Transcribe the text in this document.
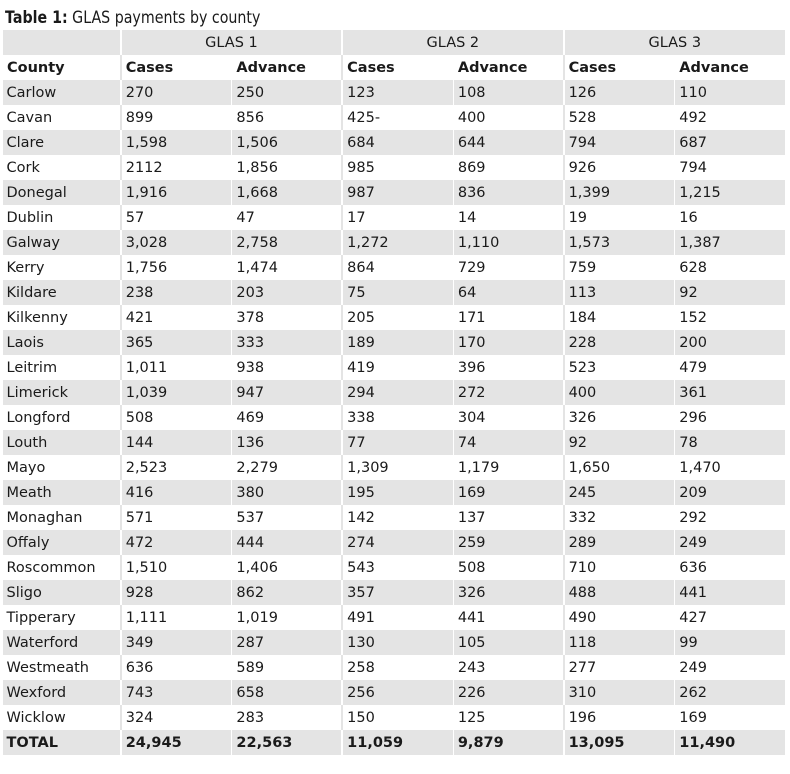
Table 1: GLAS payments by county
	GLAS 1		GLAS 2		GLAS 3	
County	Cases	Advance	Cases	Advance	Cases	Advance
Carlow	270	250	123	108	126	110
Cavan	899	856	425-	400	528	492
Clare	1,598	1,506	684	644	794	687
Cork	2112	1,856	985	869	926	794
Donegal	1,916	1,668	987	836	1,399	1,215
Dublin	57	47	17	14	19	16
Galway	3,028	2,758	1,272	1,110	1,573	1,387
Kerry	1,756	1,474	864	729	759	628
Kildare	238	203	75	64	113	92
Kilkenny	421	378	205	171	184	152
Laois	365	333	189	170	228	200
Leitrim	1,011	938	419	396	523	479
Limerick	1,039	947	294	272	400	361
Longford	508	469	338	304	326	296
Louth	144	136	77	74	92	78
Mayo	2,523	2,279	1,309	1,179	1,650	1,470
Meath	416	380	195	169	245	209
Monaghan	571	537	142	137	332	292
Offaly	472	444	274	259	289	249
Roscommon	1,510	1,406	543	508	710	636
Sligo	928	862	357	326	488	441
Tipperary	1,111	1,019	491	441	490	427
Waterford	349	287	130	105	118	99
Westmeath	636	589	258	243	277	249
Wexford	743	658	256	226	310	262
Wicklow	324	283	150	125	196	169
TOTAL	24,945	22,563	11,059	9,879	13,095	11,490
